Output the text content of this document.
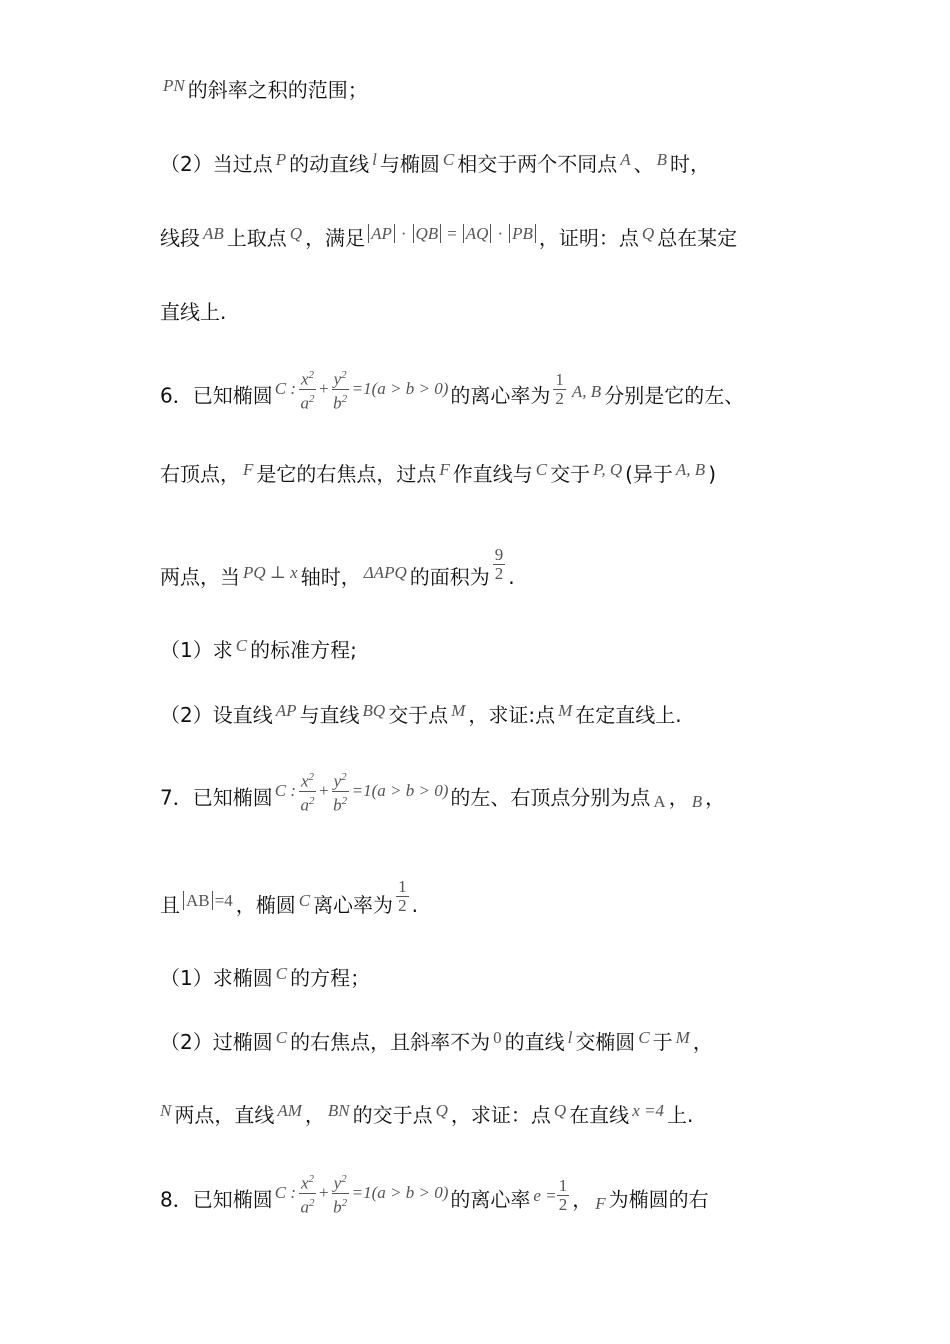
$^{PN}$ 的斜率之积的范围；
（2）当过点 $^P$ 的动直线 $^l$ 与椭圆 $^C$ 相交于两个不同点 $^A$ 、 $^B$ 时，
线段 $^{AB}$ 上取点 $^Q$ ，满足 $^{AP}$ · $^{QB}$ = $^{AQ}$ · $^{PB}$ ，证明：点 $^Q$ 总在某定
直线上.
6．已知椭圆 C : $\frac{x^2}{a^2} + \frac{y^2}{b^2} =1(a > b > 0)$ 的离心率为 $\frac{1}{2} ^{A, B}$ 分别是它的左、
右顶点， $^F$ 是它的右焦点，过点 $^F$ 作直线与 $^C$ 交于 $^{P, Q}$ (异于 $^{A, B}$ )
两点，当 $^{PQ \perp x}$ 轴时， $^{\Delta APQ}$ 的面积为 $\frac{9}{2}$ .
（1）求 $^C$ 的标准方程;
（2）设直线 $^{AP}$ 与直线 $^{BQ}$ 交于点 $^M$ ，求证:点 $^M$ 在定直线上.
7．已知椭圆 C : $\frac{x^2}{a^2} + \frac{y^2}{b^2} =1(a > b > 0)$ 的左、右顶点分别为点 A ， B ，
且 $^{AB}$ $^{=4}$ ，椭圆 $^C$ 离心率为 $\frac{1}{2}$ .
（1）求椭圆 $^C$ 的方程；
（2）过椭圆 $^C$ 的右焦点，且斜率不为 $^0$ 的直线 $^l$ 交椭圆 $^C$ 于 $^M$ ，
$^N$ 两点，直线 $^{AM}$ ， $^{BN}$ 的交于点 $^Q$ ，求证：点 $^Q$ 在直线 $^{x =4}$ 上.
8．已知椭圆 C : $\frac{x^2}{a^2} + \frac{y^2}{b^2} =1(a > b > 0)$ 的离心率 $^{e =} \frac{1}{2}$ ， F 为椭圆的右
